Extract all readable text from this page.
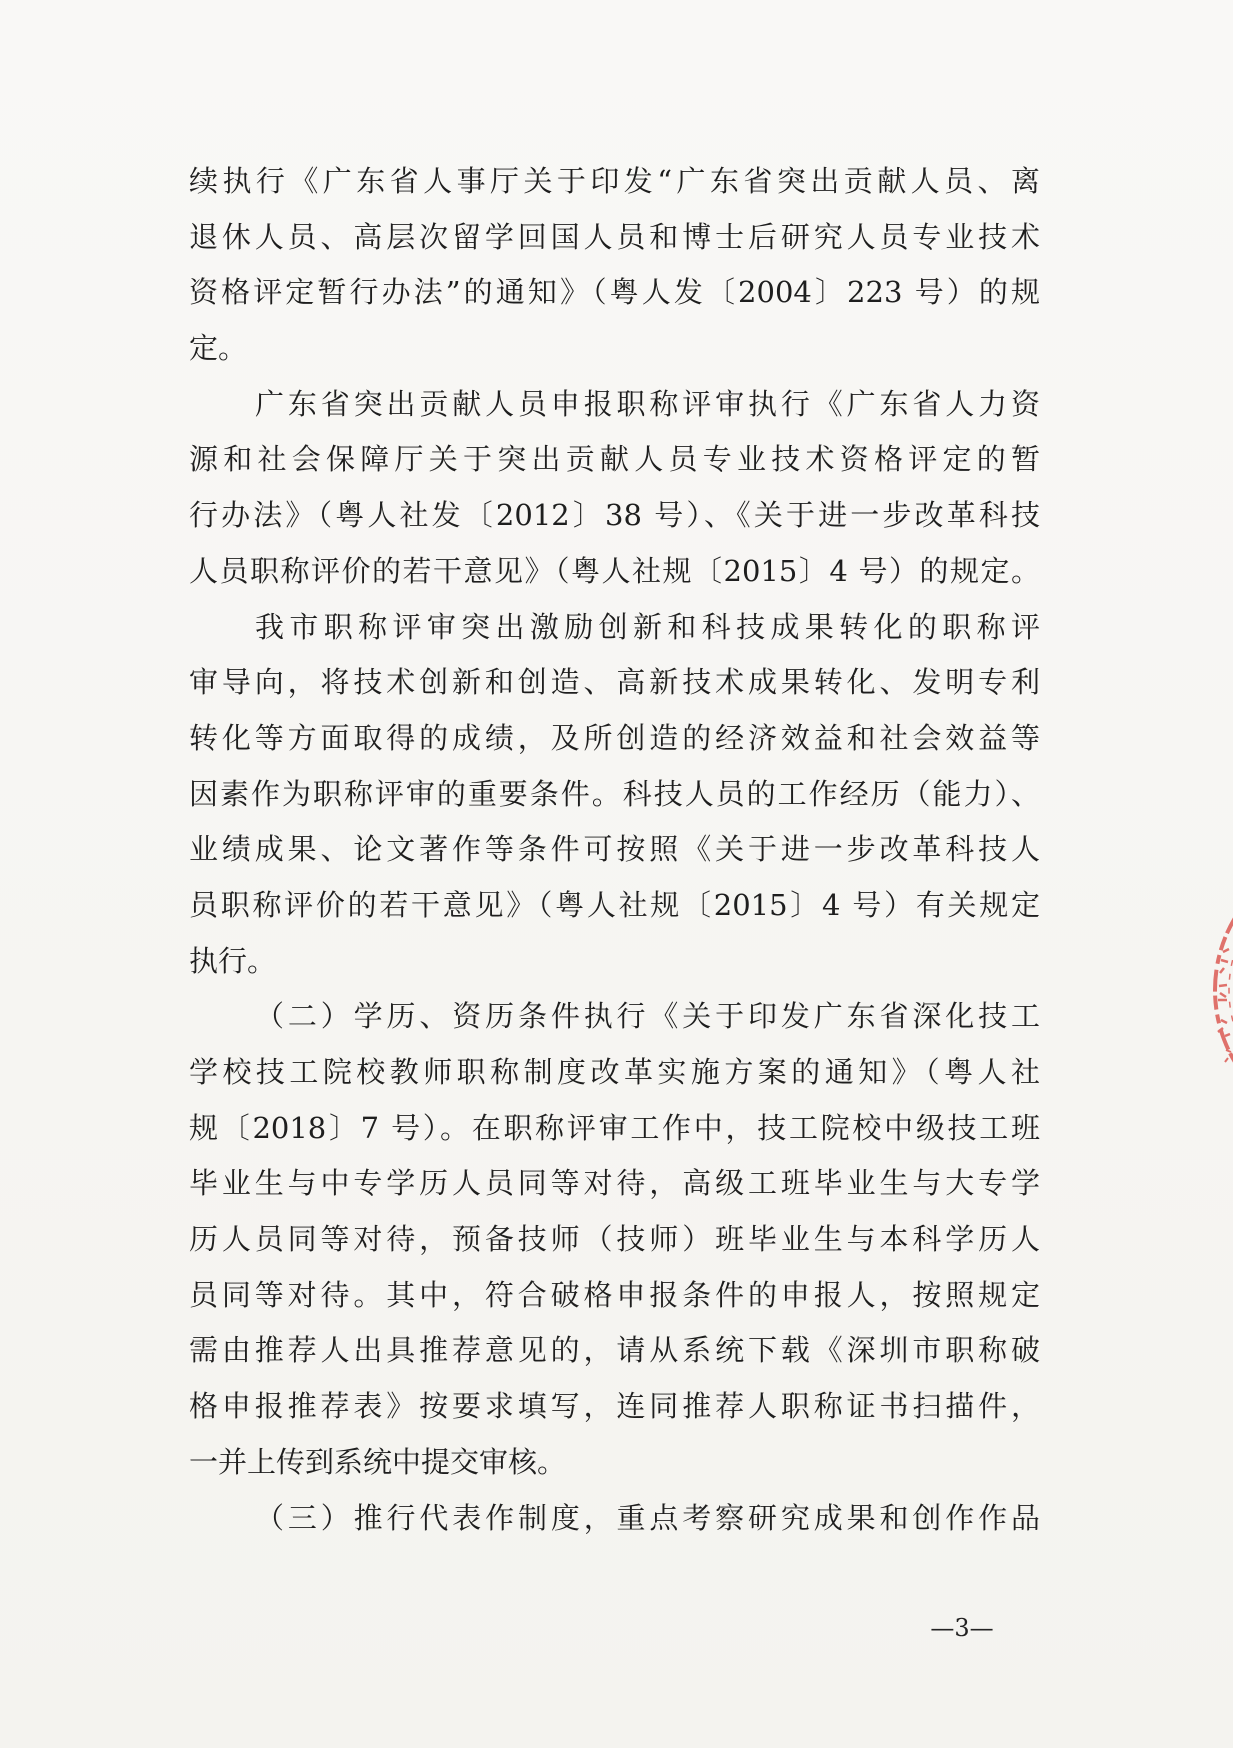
续执行《广东省人事厅关于印发“广东省突出贡献人员、离
退休人员、高层次留学回国人员和博士后研究人员专业技术
资格评定暂行办法”的通知》（粤人发〔2004〕223 号）的规
定。
广东省突出贡献人员申报职称评审执行《广东省人力资
源和社会保障厅关于突出贡献人员专业技术资格评定的暂
行办法》（粤人社发〔2012〕38 号）、《关于进一步改革科技
人员职称评价的若干意见》（粤人社规〔2015〕4 号）的规定。
我市职称评审突出激励创新和科技成果转化的职称评
审导向，将技术创新和创造、高新技术成果转化、发明专利
转化等方面取得的成绩，及所创造的经济效益和社会效益等
因素作为职称评审的重要条件。科技人员的工作经历（能力）、
业绩成果、论文著作等条件可按照《关于进一步改革科技人
员职称评价的若干意见》（粤人社规〔2015〕4 号）有关规定
执行。
（二）学历、资历条件执行《关于印发广东省深化技工
学校技工院校教师职称制度改革实施方案的通知》（粤人社
规〔2018〕7 号）。在职称评审工作中，技工院校中级技工班
毕业生与中专学历人员同等对待，高级工班毕业生与大专学
历人员同等对待，预备技师（技师）班毕业生与本科学历人
员同等对待。其中，符合破格申报条件的申报人，按照规定
需由推荐人出具推荐意见的，请从系统下载《深圳市职称破
格申报推荐表》按要求填写，连同推荐人职称证书扫描件，
一并上传到系统中提交审核。
（三）推行代表作制度，重点考察研究成果和创作作品
—3—
